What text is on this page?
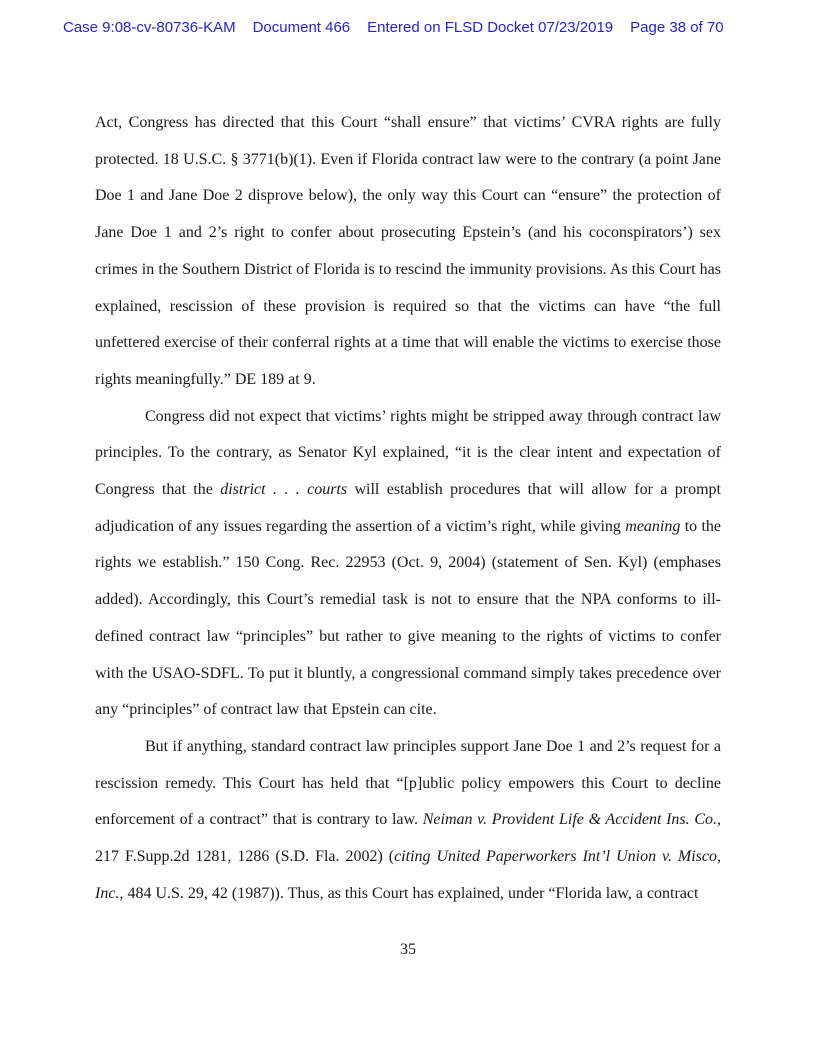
Case 9:08-cv-80736-KAM Document 466 Entered on FLSD Docket 07/23/2019 Page 38 of 70

Act, Congress has directed that this Court “shall ensure” that victims’ CVRA rights are fully protected. 18 U.S.C. § 3771(b)(1). Even if Florida contract law were to the contrary (a point Jane Doe 1 and Jane Doe 2 disprove below), the only way this Court can “ensure” the protection of Jane Doe 1 and 2’s right to confer about prosecuting Epstein’s (and his coconspirators’) sex crimes in the Southern District of Florida is to rescind the immunity provisions. As this Court has explained, rescission of these provision is required so that the victims can have “the full unfettered exercise of their conferral rights at a time that will enable the victims to exercise those rights meaningfully.” DE 189 at 9.

Congress did not expect that victims’ rights might be stripped away through contract law principles. To the contrary, as Senator Kyl explained, “it is the clear intent and expectation of Congress that the district . . . courts will establish procedures that will allow for a prompt adjudication of any issues regarding the assertion of a victim’s right, while giving meaning to the rights we establish.” 150 Cong. Rec. 22953 (Oct. 9, 2004) (statement of Sen. Kyl) (emphases added). Accordingly, this Court’s remedial task is not to ensure that the NPA conforms to ill-defined contract law “principles” but rather to give meaning to the rights of victims to confer with the USAO-SDFL. To put it bluntly, a congressional command simply takes precedence over any “principles” of contract law that Epstein can cite.

But if anything, standard contract law principles support Jane Doe 1 and 2’s request for a rescission remedy. This Court has held that “[p]ublic policy empowers this Court to decline enforcement of a contract” that is contrary to law. Neiman v. Provident Life & Accident Ins. Co., 217 F.Supp.2d 1281, 1286 (S.D. Fla. 2002) (citing United Paperworkers Int’l Union v. Misco, Inc., 484 U.S. 29, 42 (1987)). Thus, as this Court has explained, under “Florida law, a contract

35
